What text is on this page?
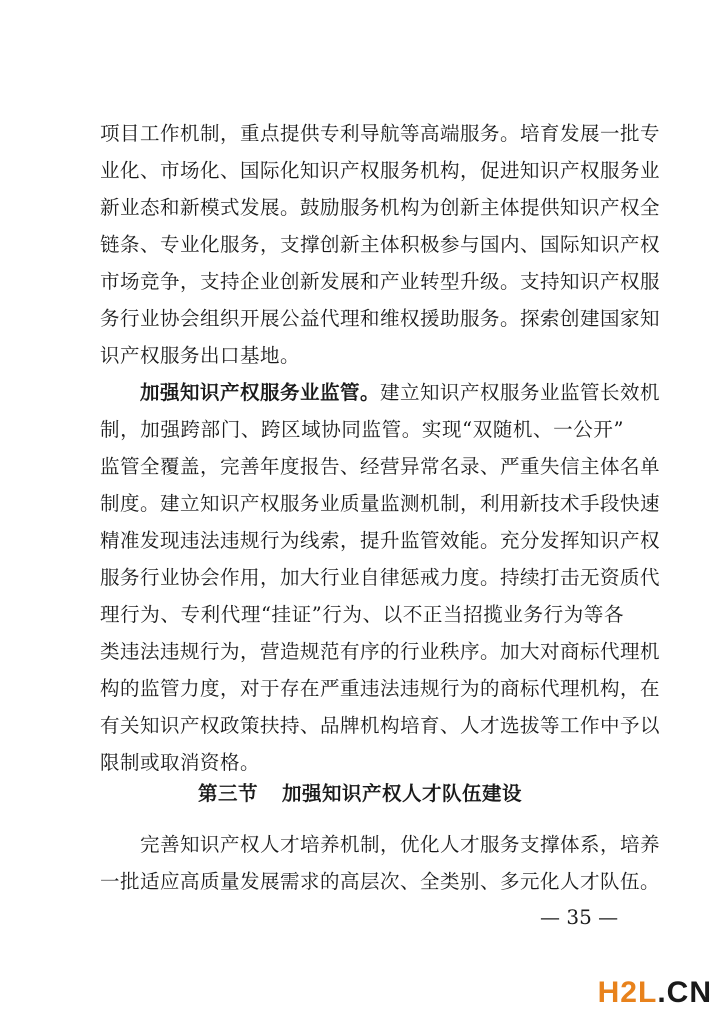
项目工作机制，重点提供专利导航等高端服务。培育发展一批专
业化、市场化、国际化知识产权服务机构，促进知识产权服务业
新业态和新模式发展。鼓励服务机构为创新主体提供知识产权全
链条、专业化服务，支撑创新主体积极参与国内、国际知识产权
市场竞争，支持企业创新发展和产业转型升级。支持知识产权服
务行业协会组织开展公益代理和维权援助服务。探索创建国家知
识产权服务出口基地。
加强知识产权服务业监管。建立知识产权服务业监管长效机
制，加强跨部门、跨区域协同监管。实现“双随机、一公开”
监管全覆盖，完善年度报告、经营异常名录、严重失信主体名单
制度。建立知识产权服务业质量监测机制，利用新技术手段快速
精准发现违法违规行为线索，提升监管效能。充分发挥知识产权
服务行业协会作用，加大行业自律惩戒力度。持续打击无资质代
理行为、专利代理“挂证”行为、以不正当招揽业务行为等各
类违法违规行为，营造规范有序的行业秩序。加大对商标代理机
构的监管力度，对于存在严重违法违规行为的商标代理机构，在
有关知识产权政策扶持、品牌机构培育、人才选拔等工作中予以
限制或取消资格。
第三节 加强知识产权人才队伍建设
完善知识产权人才培养机制，优化人才服务支撑体系，培养
一批适应高质量发展需求的高层次、全类别、多元化人才队伍。
— 35 —
H2L.CN
